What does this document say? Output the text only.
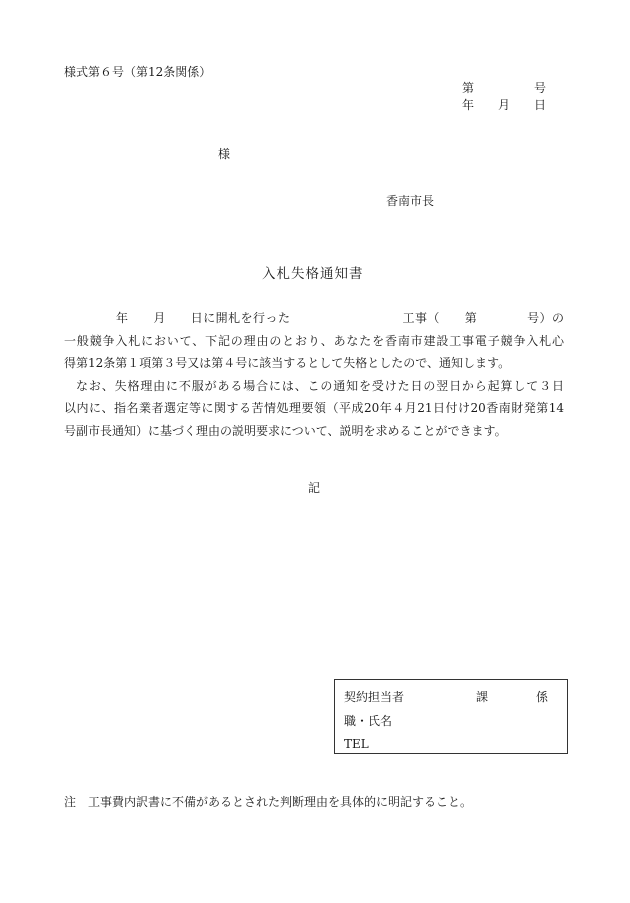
様式第６号（第12条関係）
第　　　　　号
年　　月　　日
様
香南市長
入札失格通知書
年　　月　　日に開札を行った　　　　　　　　　工事（　　第　　　　号）の
一般競争入札において、下記の理由のとおり、あなたを香南市建設工事電子競争入札心
得第12条第１項第３号又は第４号に該当するとして失格としたので、通知します。
なお、失格理由に不服がある場合には、この通知を受けた日の翌日から起算して３日
以内に、指名業者選定等に関する苦情処理要領（平成20年４月21日付け20香南財発第14
号副市長通知）に基づく理由の説明要求について、説明を求めることができます。
記
契約担当者	課	係
職・氏名
TEL
注　工事費内訳書に不備があるとされた判断理由を具体的に明記すること。
